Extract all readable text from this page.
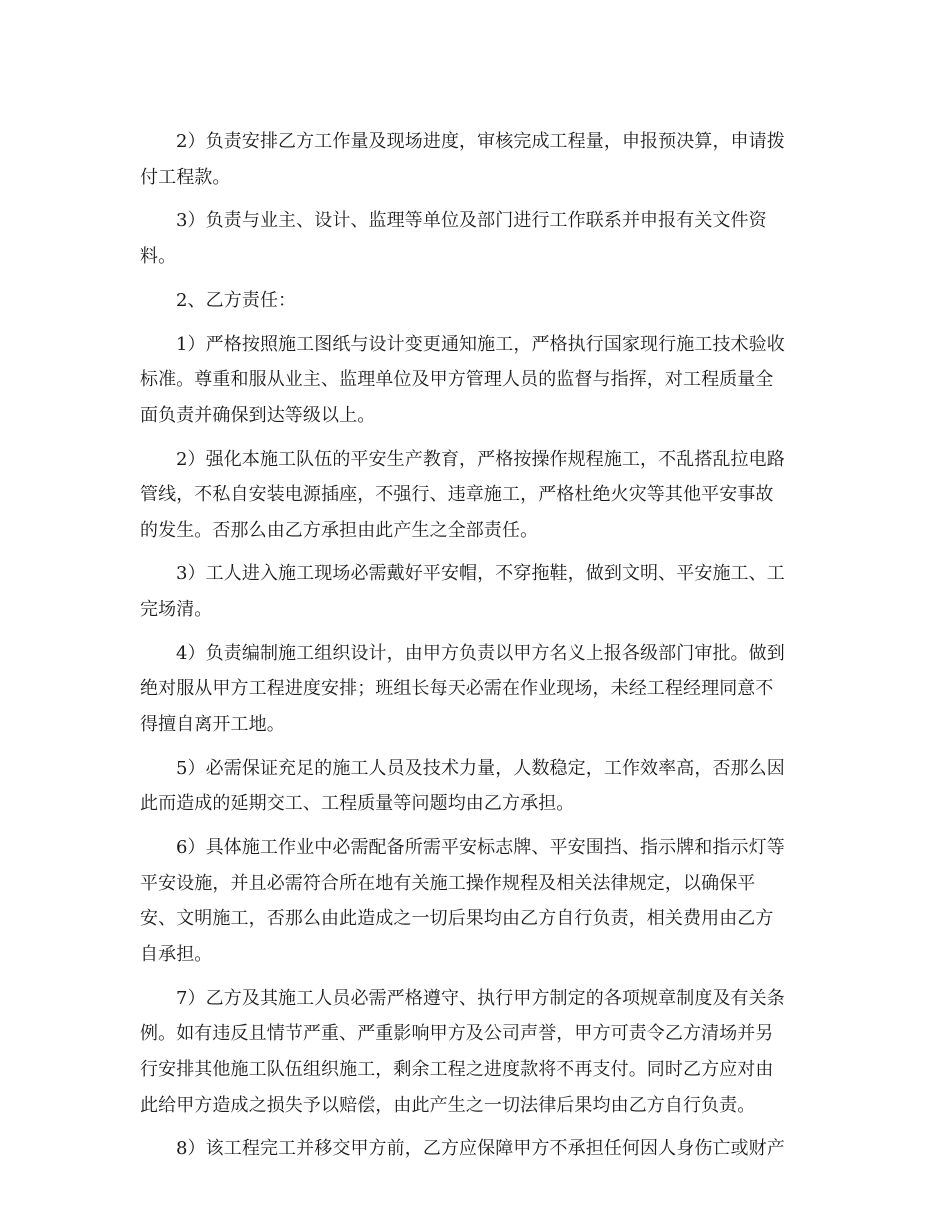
2）负责安排乙方工作量及现场进度，审核完成工程量，申报预决算，申请拨
付工程款。

3）负责与业主、设计、监理等单位及部门进行工作联系并申报有关文件资
料。

2、乙方责任：

1）严格按照施工图纸与设计变更通知施工，严格执行国家现行施工技术验收
标准。尊重和服从业主、监理单位及甲方管理人员的监督与指挥，对工程质量全
面负责并确保到达等级以上。

2）强化本施工队伍的平安生产教育，严格按操作规程施工，不乱搭乱拉电路
管线，不私自安装电源插座，不强行、违章施工，严格杜绝火灾等其他平安事故
的发生。否那么由乙方承担由此产生之全部责任。

3）工人进入施工现场必需戴好平安帽，不穿拖鞋，做到文明、平安施工、工
完场清。

4）负责编制施工组织设计，由甲方负责以甲方名义上报各级部门审批。做到
绝对服从甲方工程进度安排；班组长每天必需在作业现场，未经工程经理同意不
得擅自离开工地。

5）必需保证充足的施工人员及技术力量，人数稳定，工作效率高，否那么因
此而造成的延期交工、工程质量等问题均由乙方承担。

6）具体施工作业中必需配备所需平安标志牌、平安围挡、指示牌和指示灯等
平安设施，并且必需符合所在地有关施工操作规程及相关法律规定，以确保平
安、文明施工，否那么由此造成之一切后果均由乙方自行负责，相关费用由乙方
自承担。

7）乙方及其施工人员必需严格遵守、执行甲方制定的各项规章制度及有关条
例。如有违反且情节严重、严重影响甲方及公司声誉，甲方可责令乙方清场并另
行安排其他施工队伍组织施工，剩余工程之进度款将不再支付。同时乙方应对由
此给甲方造成之损失予以赔偿，由此产生之一切法律后果均由乙方自行负责。

8）该工程完工并移交甲方前，乙方应保障甲方不承担任何因人身伤亡或财产
